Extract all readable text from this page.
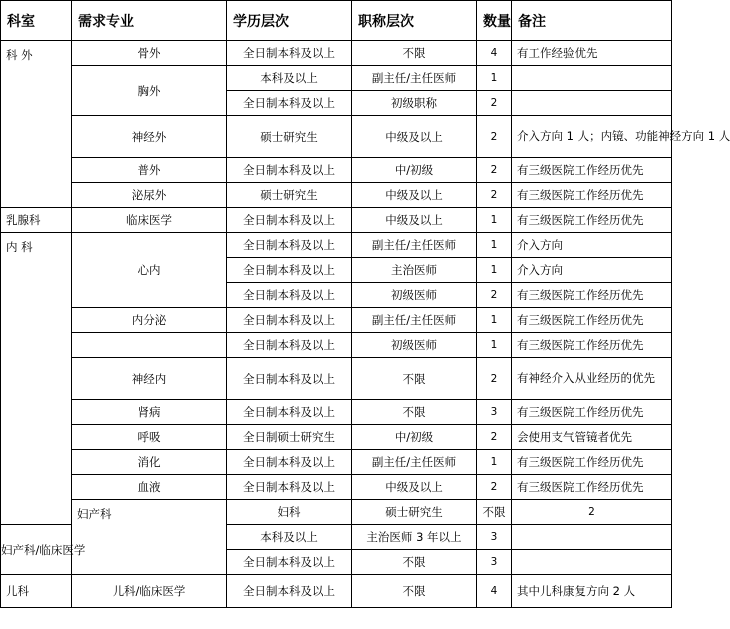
科室	需求专业	学历层次	职称层次	数量	备注	
科 外	骨外	全日制本科及以上	不限	4	有工作经验优先	
	胸外	本科及以上	副主任/主任医师	1		
		全日制本科及以上	初级职称	2		
	神经外	硕士研究生	中级及以上	2	介入方向 1 人；内镜、功能神经方向 1 人	
	普外	全日制本科及以上	中/初级	2	有三级医院工作经历优先	
	泌尿外	硕士研究生	中级及以上	2	有三级医院工作经历优先	
乳腺科	临床医学	全日制本科及以上	中级及以上	1	有三级医院工作经历优先	
内 科	心内	全日制本科及以上	副主任/主任医师	1	介入方向	
		全日制本科及以上	主治医师	1	介入方向	
		全日制本科及以上	初级医师	2	有三级医院工作经历优先	
	内分泌	全日制本科及以上	副主任/主任医师	1	有三级医院工作经历优先	
		全日制本科及以上	初级医师	1	有三级医院工作经历优先	
	神经内	全日制本科及以上	不限	2	有神经介入从业经历的优先	
	肾病	全日制本科及以上	不限	3	有三级医院工作经历优先	
	呼吸	全日制硕士研究生	中/初级	2	会使用支气管镜者优先	
	消化	全日制本科及以上	副主任/主任医师	1	有三级医院工作经历优先	
	血液	全日制本科及以上	中级及以上	2	有三级医院工作经历优先	
	妇产科	妇科	硕士研究生	不限	2	
妇产科/临床医学		本科及以上	主治医师 3 年以上	3		
		全日制本科及以上	不限	3		
儿科	儿科/临床医学	全日制本科及以上	不限	4	其中儿科康复方向 2 人	
